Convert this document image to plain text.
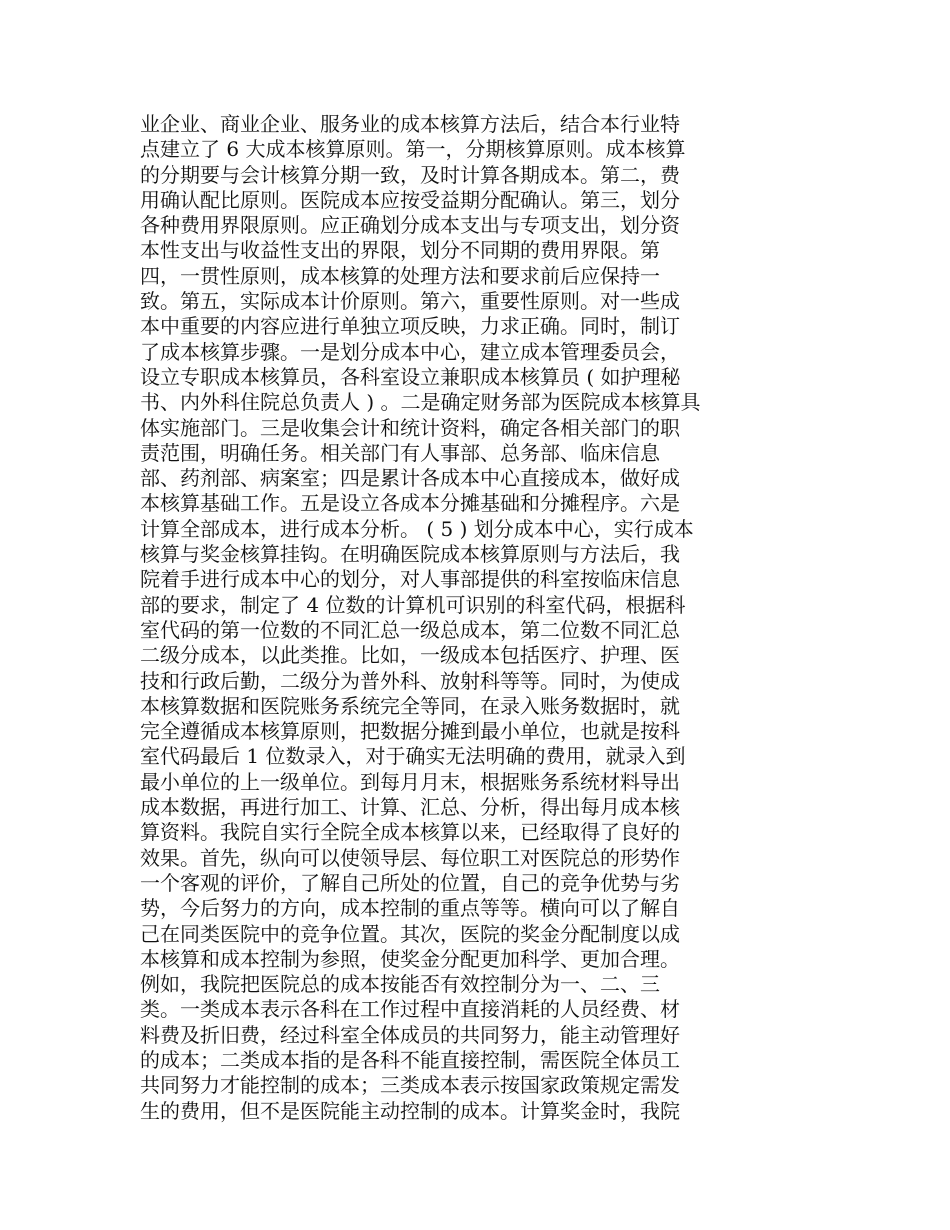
业企业、商业企业、服务业的成本核算方法后，结合本行业特
点建立了 6 大成本核算原则。第一，分期核算原则。成本核算
的分期要与会计核算分期一致，及时计算各期成本。第二，费
用确认配比原则。医院成本应按受益期分配确认。第三，划分
各种费用界限原则。应正确划分成本支出与专项支出，划分资
本性支出与收益性支出的界限，划分不同期的费用界限。第
四，一贯性原则，成本核算的处理方法和要求前后应保持一
致。第五，实际成本计价原则。第六，重要性原则。对一些成
本中重要的内容应进行单独立项反映，力求正确。同时，制订
了成本核算步骤。一是划分成本中心，建立成本管理委员会，
设立专职成本核算员，各科室设立兼职成本核算员 ( 如护理秘
书、内外科住院总负责人 ) 。二是确定财务部为医院成本核算具
体实施部门。三是收集会计和统计资料，确定各相关部门的职
责范围，明确任务。相关部门有人事部、总务部、临床信息
部、药剂部、病案室；四是累计各成本中心直接成本，做好成
本核算基础工作。五是设立各成本分摊基础和分摊程序。六是
计算全部成本，进行成本分析。 ( 5 ) 划分成本中心，实行成本
核算与奖金核算挂钩。在明确医院成本核算原则与方法后，我
院着手进行成本中心的划分，对人事部提供的科室按临床信息
部的要求，制定了 4 位数的计算机可识别的科室代码，根据科
室代码的第一位数的不同汇总一级总成本，第二位数不同汇总
二级分成本，以此类推。比如，一级成本包括医疗、护理、医
技和行政后勤，二级分为普外科、放射科等等。同时，为使成
本核算数据和医院账务系统完全等同，在录入账务数据时，就
完全遵循成本核算原则，把数据分摊到最小单位，也就是按科
室代码最后 1 位数录入，对于确实无法明确的费用，就录入到
最小单位的上一级单位。到每月月末，根据账务系统材料导出
成本数据，再进行加工、计算、汇总、分析，得出每月成本核
算资料。我院自实行全院全成本核算以来，已经取得了良好的
效果。首先，纵向可以使领导层、每位职工对医院总的形势作
一个客观的评价，了解自己所处的位置，自己的竞争优势与劣
势，今后努力的方向，成本控制的重点等等。横向可以了解自
己在同类医院中的竞争位置。其次，医院的奖金分配制度以成
本核算和成本控制为参照，使奖金分配更加科学、更加合理。
例如，我院把医院总的成本按能否有效控制分为一、二、三
类。一类成本表示各科在工作过程中直接消耗的人员经费、材
料费及折旧费，经过科室全体成员的共同努力，能主动管理好
的成本；二类成本指的是各科不能直接控制，需医院全体员工
共同努力才能控制的成本；三类成本表示按国家政策规定需发
生的费用，但不是医院能主动控制的成本。计算奖金时，我院
